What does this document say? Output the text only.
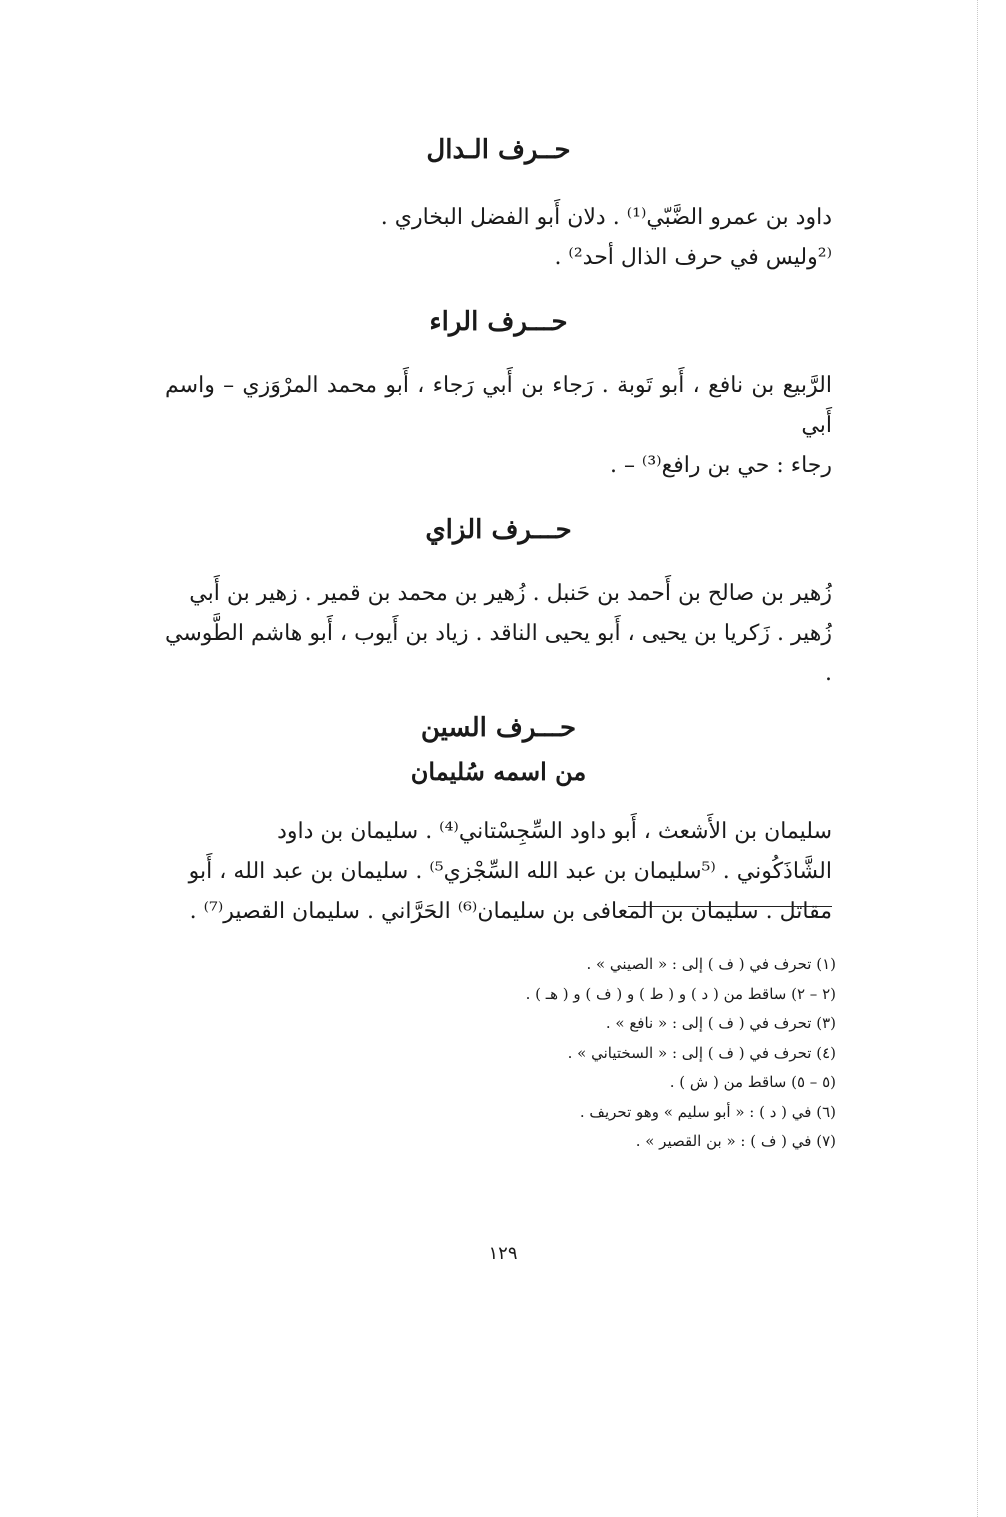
حــرف الـدال

داود بن عمرو الضَّبّي⁽¹⁾ . دلان أَبو الفضل البخاري .
⁽²وليس في حرف الذال أحد²⁾ .

حـــرف الراء

الرَّبيع بن نافع ، أَبو تَوبة . رَجاء بن أَبي رَجاء ، أَبو محمد المرْوَزي – واسم أَبي
رجاء : حي بن رافع⁽³⁾ – .

حـــرف الزاي

زُهير بن صالح بن أَحمد بن حَنبل . زُهير بن محمد بن قمير . زهير بن أَبي
زُهير . زَكريا بن يحيى ، أَبو يحيى الناقد . زياد بن أَيوب ، أَبو هاشم الطَّوسي .

حـــرف السين
من اسمه سُليمان

سليمان بن الأَشعث ، أَبو داود السِّجِسْتاني⁽⁴⁾ . سليمان بن داود
الشَّاذَكُوني . ⁽⁵سليمان بن عبد الله السِّجْزي⁵⁾ . سليمان بن عبد الله ، أَبو
مقاتل . سليمان بن المعافى بن سليمان⁽⁶⁾ الحَرَّاني . سليمان القصير⁽⁷⁾ .

(١) تحرف في ( ف ) إلى : « الصيني » .
(٢ – ٢) ساقط من ( د ) و ( ط ) و ( ف ) و ( هـ ) .
(٣) تحرف في ( ف ) إلى : « نافع » .
(٤) تحرف في ( ف ) إلى : « السختياني » .
(٥ – ٥) ساقط من ( ش ) .
(٦) في ( د ) : « أبو سليم » وهو تحريف .
(٧) في ( ف ) : « بن القصير » .
١٢٩
